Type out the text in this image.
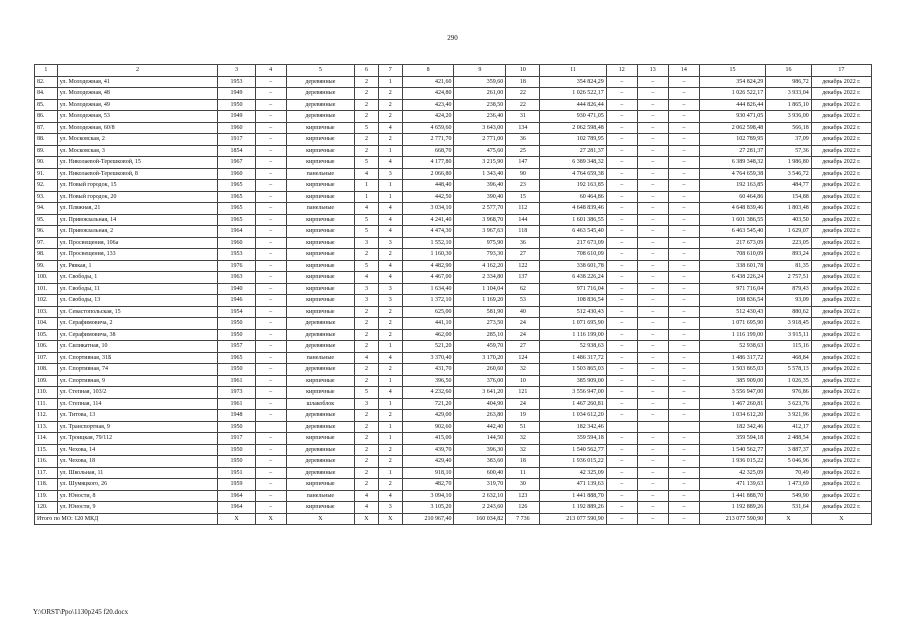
290
1	2	3	4	5	6	7	8	9	10	11	12	13	14	15	16	17
82.	ул. Молодежная, 41	1953	–	деревянные	2	1	421,60	359,60	18	354 824,29	–	–	–	354 824,29	986,72	декабрь 2022 г.
84.	ул. Молодежная, 48	1949	–	деревянные	2	2	424,80	261,00	22	1 026 522,17	–	–	–	1 026 522,17	3 933,04	декабрь 2022 г.
85.	ул. Молодежная, 49	1950	–	деревянные	2	2	423,40	238,50	22	444 826,44	–	–	–	444 826,44	1 865,10	декабрь 2022 г.
86.	ул. Молодежная, 53	1949	–	деревянные	2	2	424,20	236,40	31	930 471,05	–	–	–	930 471,05	3 936,00	декабрь 2022 г.
87.	ул. Молодежная, 60/8	1960	–	кирпичные	5	4	4 659,60	3 643,00	134	2 062 598,48	–	–	–	2 062 598,48	566,18	декабрь 2022 г.
88.	ул. Московская, 2	1917	–	кирпичные	2	2	2 771,70	2 771,00	36	102 789,95	–	–	–	102 789,95	37,09	декабрь 2022 г.
89.	ул. Московская, 3	1854	–	кирпичные	2	1	668,70	475,60	25	27 281,37	–	–	–	27 281,37	57,36	декабрь 2022 г.
90.	ул. Николаевой-Терешковой, 15	1967	–	кирпичные	5	4	4 177,80	3 215,90	147	6 389 348,32	–	–	–	6 389 348,32	1 986,80	декабрь 2022 г.
91.	ул. Николаевой-Терешковой, 8	1960	–	панельные	4	3	2 066,80	1 343,40	90	4 764 659,38	–	–	–	4 764 659,38	3 546,72	декабрь 2022 г.
92.	ул. Новый городок, 15	1965	–	кирпичные	1	1	448,40	396,40	23	192 163,85	–	–	–	192 163,85	484,77	декабрь 2022 г.
93.	ул. Новый городок, 20	1965	–	кирпичные	1	1	442,50	390,40	15	60 464,86	–	–	–	60 464,86	154,88	декабрь 2022 г.
94.	ул. Пляжная, 21	1965	–	панельные	4	4	3 034,10	2 577,70	112	4 648 839,46	–	–	–	4 648 839,46	1 803,48	декабрь 2022 г.
95.	ул. Привокзальная, 14	1965	–	кирпичные	5	4	4 241,40	3 968,70	144	1 601 386,55	–	–	–	1 601 386,55	403,50	декабрь 2022 г.
96.	ул. Привокзальная, 2	1964	–	кирпичные	5	4	4 474,30	3 967,63	118	6 463 545,40	–	–	–	6 463 545,40	1 629,07	декабрь 2022 г.
97.	ул. Просвещения, 106а	1960	–	кирпичные	3	3	1 552,10	975,90	36	217 673,09	–	–	–	217 673,09	223,05	декабрь 2022 г.
98.	ул. Просвещения, 133	1953	–	кирпичные	2	2	1 160,30	793,30	27	708 610,09	–	–	–	708 610,09	893,24	декабрь 2022 г.
99.	ул. Рявкая, 1	1976	–	кирпичные	5	4	4 482,90	4 162,20	122	338 601,78	–	–	–	338 601,78	81,35	декабрь 2022 г.
100.	ул. Свободы, 1	1963	–	кирпичные	4	4	4 467,00	2 334,80	137	6 438 226,24	–	–	–	6 438 226,24	2 757,51	декабрь 2022 г.
101.	ул. Свободы, 11	1940	–	кирпичные	3	3	1 634,40	1 104,04	62	971 716,04	–	–	–	971 716,04	879,43	декабрь 2022 г.
102.	ул. Свободы, 13	1946	–	кирпичные	3	3	1 372,10	1 169,20	53	108 836,54	–	–	–	108 836,54	93,09	декабрь 2022 г.
103.	ул. Севастопольская, 15	1954	–	кирпичные	2	2	625,00	581,90	40	512 430,43	–	–	–	512 430,43	880,62	декабрь 2022 г.
104.	ул. Серафимовича, 2	1950	–	деревянные	2	2	441,10	273,50	24	1 071 695,90	–	–	–	1 071 695,90	3 918,45	декабрь 2022 г.
105.	ул. Серафимовича, 38	1950	–	деревянные	2	2	462,00	285,10	24	1 116 199,00	–	–	–	1 116 199,00	3 915,11	декабрь 2022 г.
106.	ул. Силикатная, 10	1957	–	деревянные	2	1	521,20	459,70	27	52 938,63	–	–	–	52 938,63	115,16	декабрь 2022 г.
107.	ул. Спортивная, 31Б	1965	–	панельные	4	4	3 370,40	3 170,20	124	1 486 317,72	–	–	–	1 486 317,72	468,84	декабрь 2022 г.
108.	ул. Спортивная, 74	1950	–	деревянные	2	2	431,70	260,60	32	1 503 865,03	–	–	–	1 503 865,03	5 578,13	декабрь 2022 г.
109.	ул. Спортивная, 9	1961	–	кирпичные	2	1	396,50	376,00	10	385 909,00	–	–	–	385 909,00	1 026,35	декабрь 2022 г.
110.	ул. Степная, 103/2	1973	–	кирпичные	5	4	4 232,60	3 641,20	121	3 556 947,00	–	–	–	3 556 947,00	976,86	декабрь 2022 г.
111.	ул. Степная, 114	1961	–	шлакоблок	3	1	721,20	404,90	24	1 467 260,81	–	–	–	1 467 260,81	3 623,76	декабрь 2022 г.
112.	ул. Титова, 13	1948	–	деревянные	2	2	429,00	263,80	19	1 034 612,20	–	–	–	1 034 612,20	3 921,96	декабрь 2022 г.
113.	ул. Транспортная, 9	1950		деревянные	2	1	902,60	442,40	51	182 342,46				182 342,46	412,17	декабрь 2022 г.
114.	ул. Троицкая, 79/112	1917	–	кирпичные	2	1	415,00	144,50	32	359 594,18	–	–	–	359 594,18	2 488,54	декабрь 2022 г.
115.	ул. Чехова, 14	1950	–	деревянные	2	2	439,70	396,30	32	1 540 562,77	–	–	–	1 540 562,77	3 887,37	декабрь 2022 г.
116.	ул. Чехова, 18	1950	–	деревянные	2	2	429,40	383,60	18	1 936 015,22	–	–	–	1 936 015,22	5 046,96	декабрь 2022 г.
117.	ул. Школьная, 11	1951	–	деревянные	2	1	918,10	600,40	11	42 325,09	–	–	–	42 325,09	70,49	декабрь 2022 г.
118.	ул. Шумяцкого, 26	1959	–	кирпичные	2	2	482,70	319,70	30	471 139,63	–	–	–	471 139,63	1 473,69	декабрь 2022 г.
119.	ул. Юности, 8	1964	–	панельные	4	4	3 094,10	2 632,10	123	1 441 888,70	–	–	–	1 441 888,70	549,90	декабрь 2022 г.
120.	ул. Юности, 9	1964	–	кирпичные	4	3	3 105,20	2 243,60	126	1 192 889,26	–	–	–	1 192 889,26	531,64	декабрь 2022 г.
Итого по МО: 120 МКД		X	X	X	X	X	210 967,40	160 034,82	7 736	213 077 590,90	–	–	–	213 077 590,90	X	X
Y:\ORST\Ppo\1130p245 f20.docx
